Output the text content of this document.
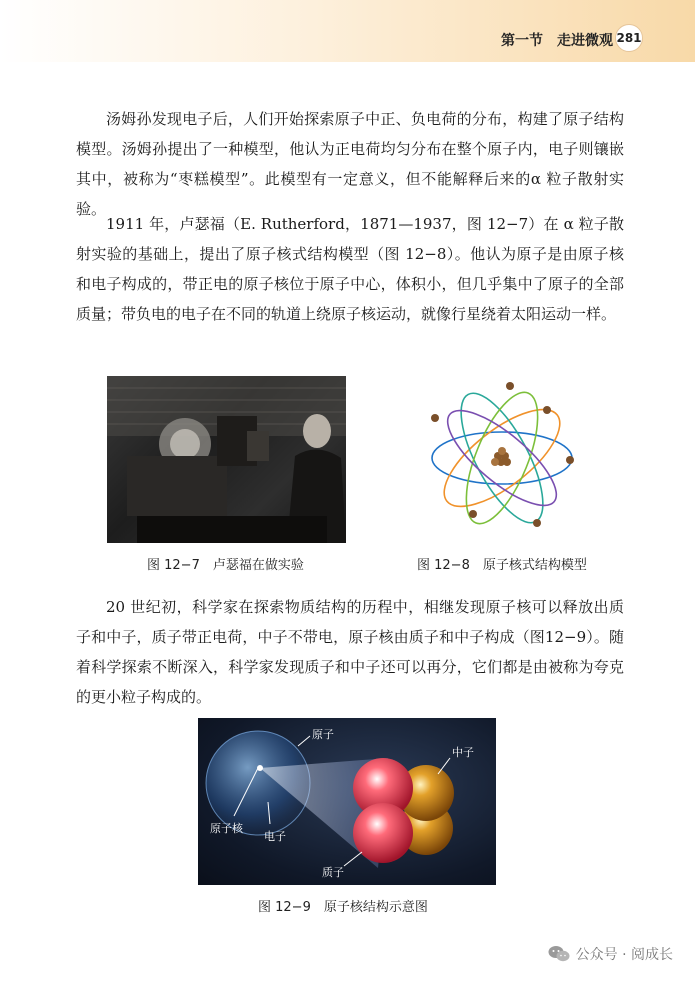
第一节　走进微观 281

汤姆孙发现电子后，人们开始探索原子中正、负电荷的分布，构建了原子结构模型。汤姆孙提出了一种模型，他认为正电荷均匀分布在整个原子内，电子则镶嵌其中，被称为“枣糕模型”。此模型有一定意义，但不能解释后来的α 粒子散射实验。

1911 年，卢瑟福（E. Rutherford，1871—1937，图 12−7）在 α 粒子散射实验的基础上，提出了原子核式结构模型（图 12−8）。他认为原子是由原子核和电子构成的，带正电的原子核位于原子中心，体积小，但几乎集中了原子的全部质量；带负电的电子在不同的轨道上绕原子核运动，就像行星绕着太阳运动一样。

图 12−7　卢瑟福在做实验	图 12−8　原子核式结构模型

20 世纪初，科学家在探索物质结构的历程中，相继发现原子核可以释放出质子和中子，质子带正电荷，中子不带电，原子核由质子和中子构成（图12−9）。随着科学探索不断深入，科学家发现质子和中子还可以再分，它们都是由被称为夸克的更小粒子构成的。

原子
中子
原子核
电子
质子
图 12−9　原子核结构示意图
公众号 · 阅成长
